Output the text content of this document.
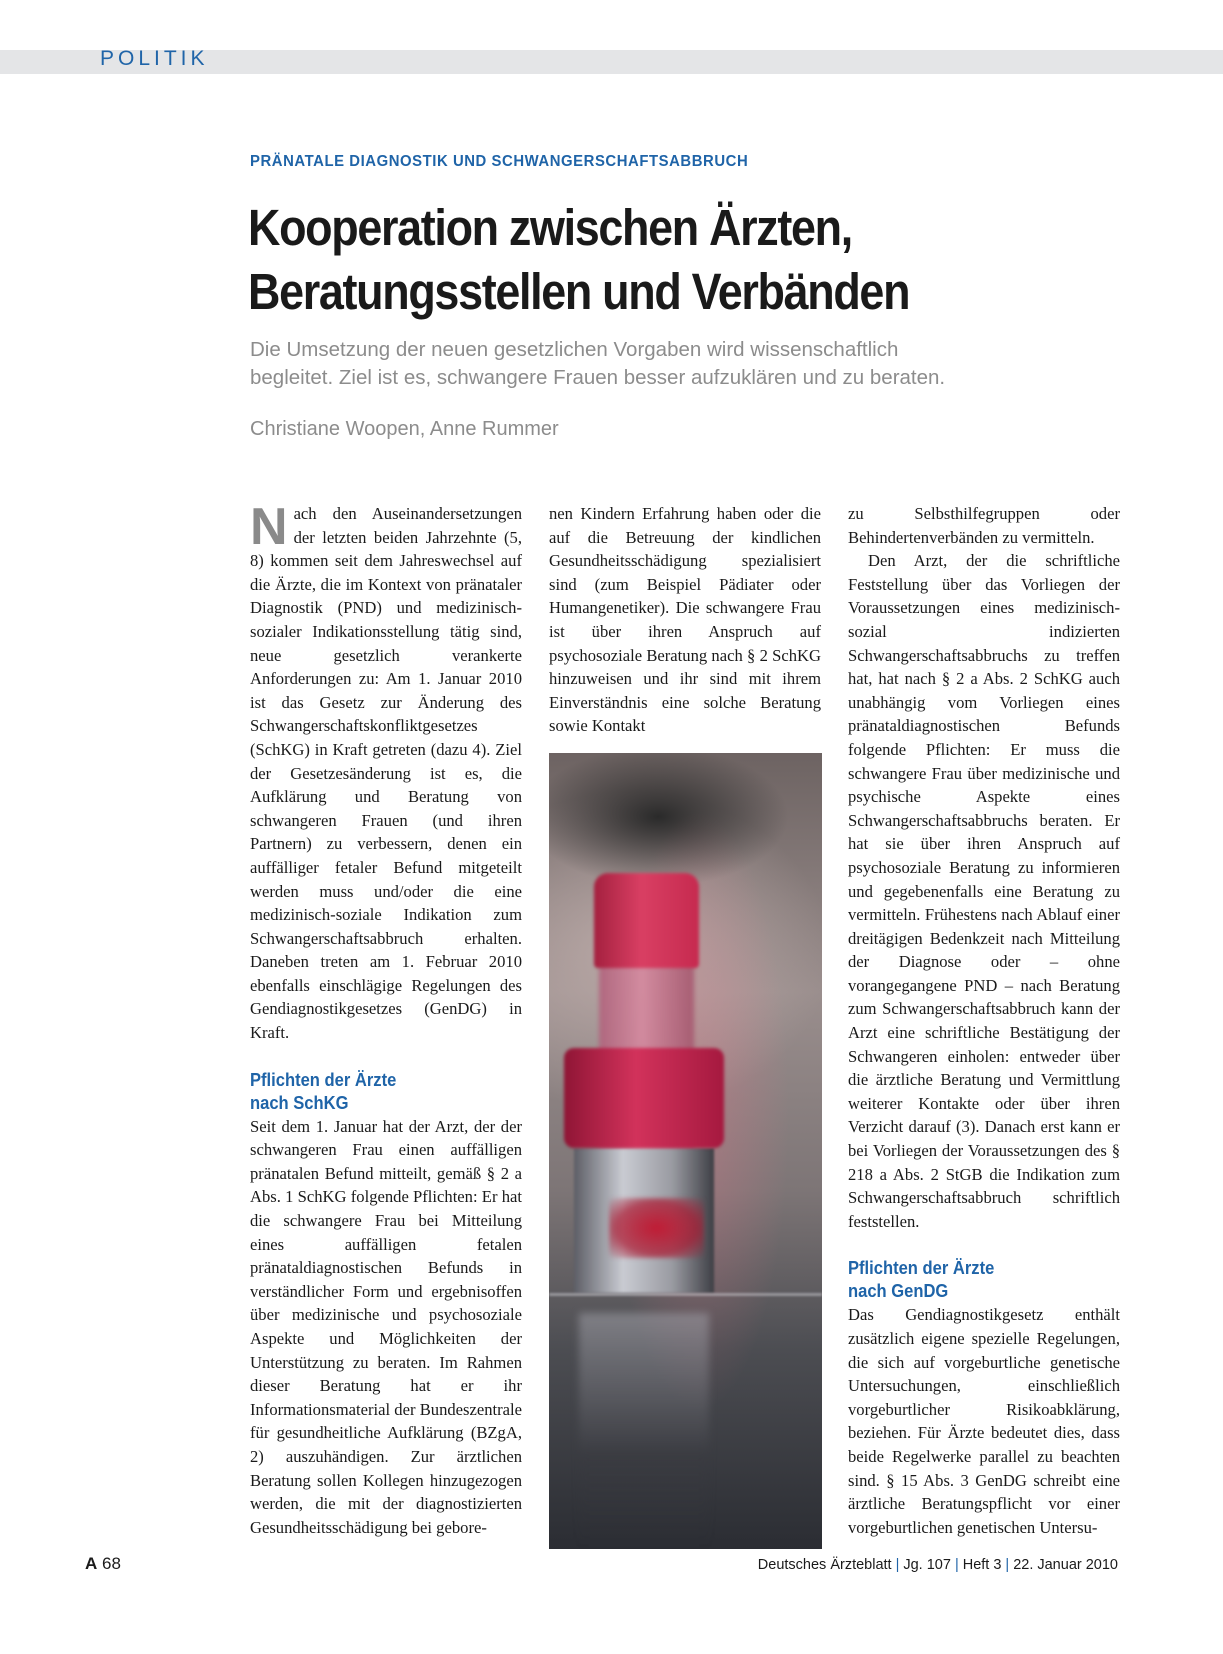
POLITIK
PRÄNATALE DIAGNOSTIK UND SCHWANGERSCHAFTSABBRUCH
Kooperation zwischen Ärzten,
Beratungsstellen und Verbänden
Die Umsetzung der neuen gesetzlichen Vorgaben wird wissenschaftlich
begleitet. Ziel ist es, schwangere Frauen besser aufzuklären und zu beraten.
Christiane Woopen, Anne Rummer

Nach den Auseinandersetzungen der letzten beiden Jahrzehnte (5, 8) kommen seit dem Jahreswechsel auf die Ärzte, die im Kontext von pränataler Diagnostik (PND) und medizinisch-sozialer Indikationsstellung tätig sind, neue gesetzlich verankerte Anforderungen zu: Am 1. Januar 2010 ist das Gesetz zur Änderung des Schwangerschaftskonfliktgesetzes (SchKG) in Kraft getreten (dazu 4). Ziel der Gesetzesänderung ist es, die Aufklärung und Beratung von schwangeren Frauen (und ihren Partnern) zu verbessern, denen ein auffälliger fetaler Befund mitgeteilt werden muss und/oder die eine medizinisch-soziale Indikation zum Schwangerschaftsabbruch erhalten. Daneben treten am 1. Februar 2010 ebenfalls einschlägige Regelungen des Gendiagnostikgesetzes (GenDG) in Kraft.

Pflichten der Ärzte
nach SchKG

Seit dem 1. Januar hat der Arzt, der der schwangeren Frau einen auffälligen pränatalen Befund mitteilt, gemäß § 2 a Abs. 1 SchKG folgende Pflichten: Er hat die schwangere Frau bei Mitteilung eines auffälligen fetalen pränataldiagnostischen Befunds in verständlicher Form und ergebnisoffen über medizinische und psychosoziale Aspekte und Möglichkeiten der Unterstützung zu beraten. Im Rahmen dieser Beratung hat er ihr Informationsmaterial der Bundeszentrale für gesundheitliche Aufklärung (BZgA, 2) auszuhändigen. Zur ärztlichen Beratung sollen Kollegen hinzugezogen werden, die mit der diagnostizierten Gesundheitsschädigung bei gebore-

nen Kindern Erfahrung haben oder die auf die Betreuung der kindlichen Gesundheitsschädigung spezialisiert sind (zum Beispiel Pädiater oder Humangenetiker). Die schwangere Frau ist über ihren Anspruch auf psychosoziale Beratung nach § 2 SchKG hinzuweisen und ihr sind mit ihrem Einverständnis eine solche Beratung sowie Kontakt

zu Selbsthilfegruppen oder Behindertenverbänden zu vermitteln.

Den Arzt, der die schriftliche Feststellung über das Vorliegen der Voraussetzungen eines medizinisch-sozial indizierten Schwangerschaftsabbruchs zu treffen hat, hat nach § 2 a Abs. 2 SchKG auch unabhängig vom Vorliegen eines pränataldiagnostischen Befunds folgende Pflichten: Er muss die schwangere Frau über medizinische und psychische Aspekte eines Schwangerschaftsabbruchs beraten. Er hat sie über ihren Anspruch auf psychosoziale Beratung zu informieren und gegebenenfalls eine Beratung zu vermitteln. Frühestens nach Ablauf einer dreitägigen Bedenkzeit nach Mitteilung der Diagnose oder – ohne vorangegangene PND – nach Beratung zum Schwangerschaftsabbruch kann der Arzt eine schriftliche Bestätigung der Schwangeren einholen: entweder über die ärztliche Beratung und Vermittlung weiterer Kontakte oder über ihren Verzicht darauf (3). Danach erst kann er bei Vorliegen der Voraussetzungen des § 218 a Abs. 2 StGB die Indikation zum Schwangerschaftsabbruch schriftlich feststellen.

Pflichten der Ärzte
nach GenDG

Das Gendiagnostikgesetz enthält zusätzlich eigene spezielle Regelungen, die sich auf vorgeburtliche genetische Untersuchungen, einschließlich vorgeburtlicher Risikoabklärung, beziehen. Für Ärzte bedeutet dies, dass beide Regelwerke parallel zu beachten sind. § 15 Abs. 3 GenDG schreibt eine ärztliche Beratungspflicht vor einer vorgeburtlichen genetischen Untersu-

A 68	Deutsches Ärzteblatt | Jg. 107 | Heft 3 | 22. Januar 2010
